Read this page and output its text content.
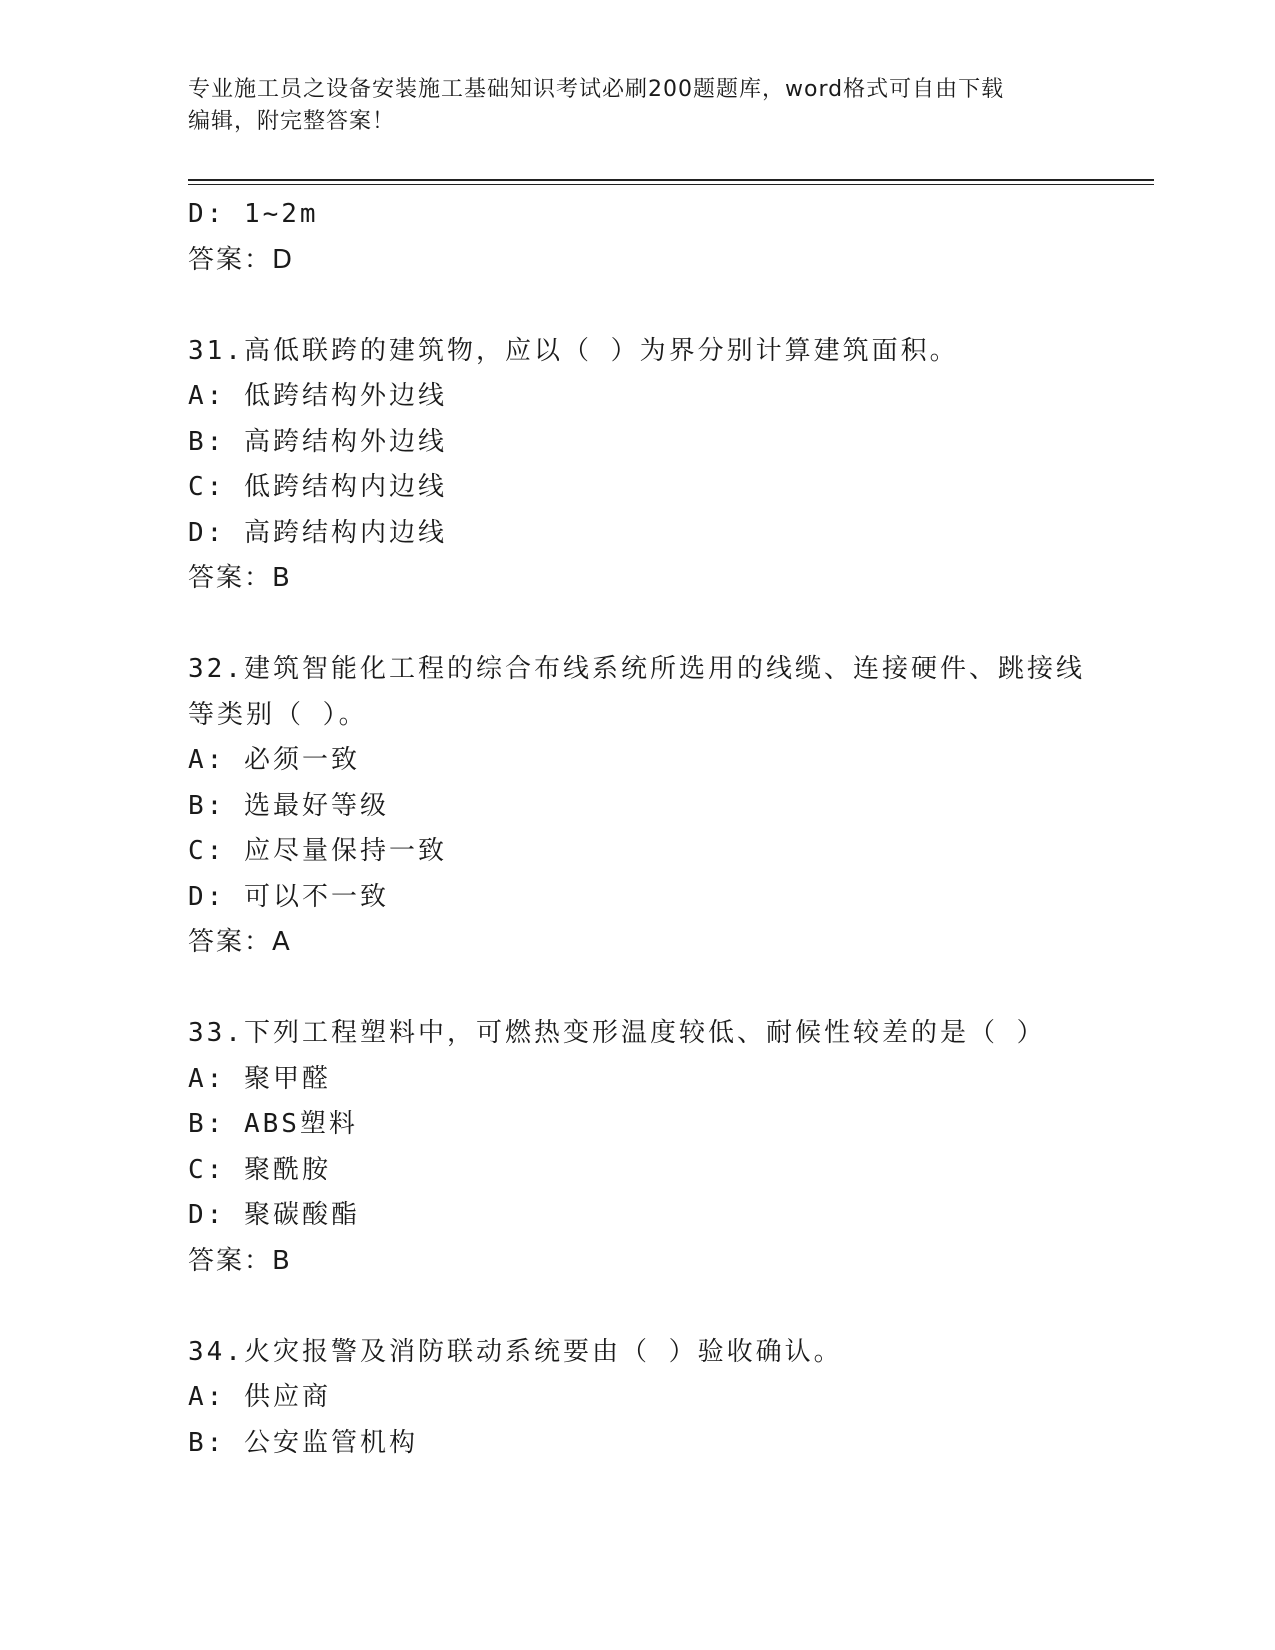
专业施工员之设备安装施工基础知识考试必刷200题题库，word格式可自由下载
编辑，附完整答案！
D: 1~2m
答案：D
31.高低联跨的建筑物，应以（ ）为界分别计算建筑面积。
A: 低跨结构外边线
B: 高跨结构外边线
C: 低跨结构内边线
D: 高跨结构内边线
答案：B
32.建筑智能化工程的综合布线系统所选用的线缆、连接硬件、跳接线
等类别（ ）。
A: 必须一致
B: 选最好等级
C: 应尽量保持一致
D: 可以不一致
答案：A
33.下列工程塑料中，可燃热变形温度较低、耐候性较差的是（ ）
A: 聚甲醛
B: ABS塑料
C: 聚酰胺
D: 聚碳酸酯
答案：B
34.火灾报警及消防联动系统要由（ ）验收确认。
A: 供应商
B: 公安监管机构
